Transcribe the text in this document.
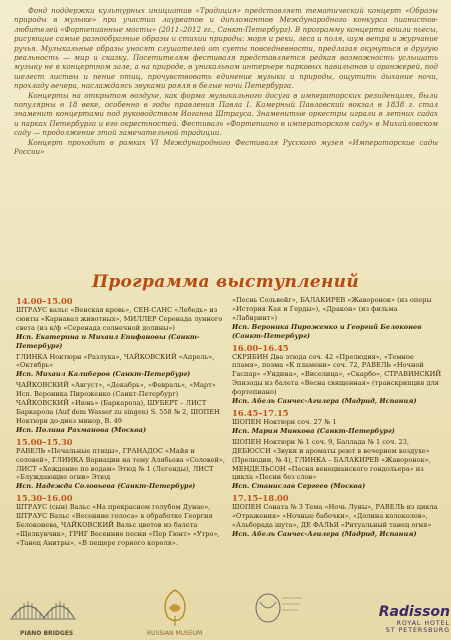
Фонд поддержки культурных инициатив «Традиция» представляет тематический концерт «Образы природы в музыке» при участии лауреатов и дипломантов Международного конкурса пианистов-любителей «Фортепианные мосты» (2011–2012 гг., Санкт-Петербург). В программу концерта вошли пьесы, рисующие самые разнообразные образы и стихии природы: моря и реки, леса и поля, шум ветра и журчание ручья. Музыкальные образы уносят слушателей от суеты повседневности, предлагая окунуться в другую реальность — мир и сказку. Посетителям фестиваля представляется редкая возможность услышать музыку не в концертном зале, а на природе, в уникальном интерьере парковых павильонов и оранжерей, под шелест листвы и пение птиц, прочувствовать единение музыки и природы, ощутить дыхание ночи, прохладу вечера, наслаждаясь звуками рояля в белые ночи Петербурга.

Концерты на открытом воздухе, как форма музыкального досуга в императорских резиденциях, были популярны в 18 веке, особенно в годы правления Павла I. Камерный Павловский вокзал в 1838 г. стал знаменит концертами под руководством Иоганна Штрауса. Знаменитые оркестры играли в летних садах и парках Петербурга и его окрестностей. Фестиваль «Фортепиано в императорском саду» в Михайловском саду — продолжение этой замечательной традиции.

Концерт проходит в рамках VI Международного Фестиваля Русского музея «Императорские сады России»

Программа выступлений
14.00–15.00

ШТРАУС вальс «Венская кровь», СЕН-САНС «Лебедь» из сюиты «Карнавал животных», МИЛЛЕР Серенада лунного света (из к/ф «Серенада солнечной долины»)

Исп. Екатерина и Михаил Епифановы (Санкт-Петербург)

ГЛИНКА Ноктюрн «Разлука», ЧАЙКОВСКИЙ «Апрель», «Октябрь»

Исп. Михаил Калиберов (Санкт-Петербург)

ЧАЙКОВСКИЙ «Август», «Декабрь», «Февраль», «Март» Исп. Вероника Пироженко (Санкт-Петербург) ЧАЙКОВСКИЙ «Июнь» (Баркарола), ШУБЕРТ – ЛИСТ Баркарола (Auf dem Wasser zu singen) S. 558 № 2, ШОПЕН Ноктюрн до-диез минор, B. 49

Исп. Полина Рахманова (Москва)

15.00–15.30

РАВЕЛЬ «Печальные птицы», ГРАНАДОС «Майя и соловей», ГЛИНКА Вариации на тему Алябьева «Соловей», ЛИСТ «Хождение по водам» Этюд № 1 (Легенды), ЛИСТ «Блуждающие огни» Этюд

Исп. Надежда Соловьева (Санкт-Петербург)

15.30–16.00

ШТРАУС (сын) Вальс «На прекрасном голубом Дунае», ШТРАУС Вальс «Весенние голоса» в обработке Георгия Белоконева, ЧАЙКОВСКИЙ Вальс цветов из балета «Щелкунчик», ГРИГ Весенние песни «Пер Гюнт» «Утро», «Танец Анитры», «В пещере горного короля».

«Песнь Сольвейг», БАЛАКИРЕВ «Жаворонок» (из оперы «История Кая и Герды»), «Дракон» (из фильма «Лабиринт»)

Исп. Вероника Пироженко и Георгий Белоконев (Санкт-Петербург)

16.00–16.45

СКРЯБИН Два этюда соч. 42 «Прелюдия», «Темное пламя», поэма «К пламени» соч. 72, РАВЕЛЬ «Ночной Гаспар» «Ундина», «Виселица», «Скарбо», СТРАВИНСКИЙ Эпизоды из балета «Весна священная» (транскрипция для фортепиано)

Исп. Абель Санчес-Агилера (Мадрид, Испания)

16.45–17.15

ШОПЕН Ноктюрн соч. 27 № 1

Исп. Мария Минкова (Санкт-Петербург)

ШОПЕН Ноктюрн № 1 соч. 9, Баллада № 1 соч. 23, ДЕБЮССИ «Звуки и ароматы реют в вечернем воздухе» (Прелюдии, № 4), ГЛИНКА – БАЛАКИРЕВ «Жаворонок», МЕНДЕЛЬСОН «Песня венецианского гондольера» из цикла «Песни без слов»

Исп. Станислав Сергеев (Москва)

17.15–18.00

ШОПЕН Соната № 3 Тема «Ночь Луны», РАВЕЛЬ из цикла «Отражения» «Ночные бабочки», «Долина колоколов», «Альборада шута», ДЕ ФАЛЬЯ «Ритуальный танец огня»

Исп. Абель Санчес-Агилера (Мадрид, Испания)

PIANO BRIDGES	RUSSIAN MUSEUM
Radisson
ROYAL HOTEL
ST PETERSBURG
